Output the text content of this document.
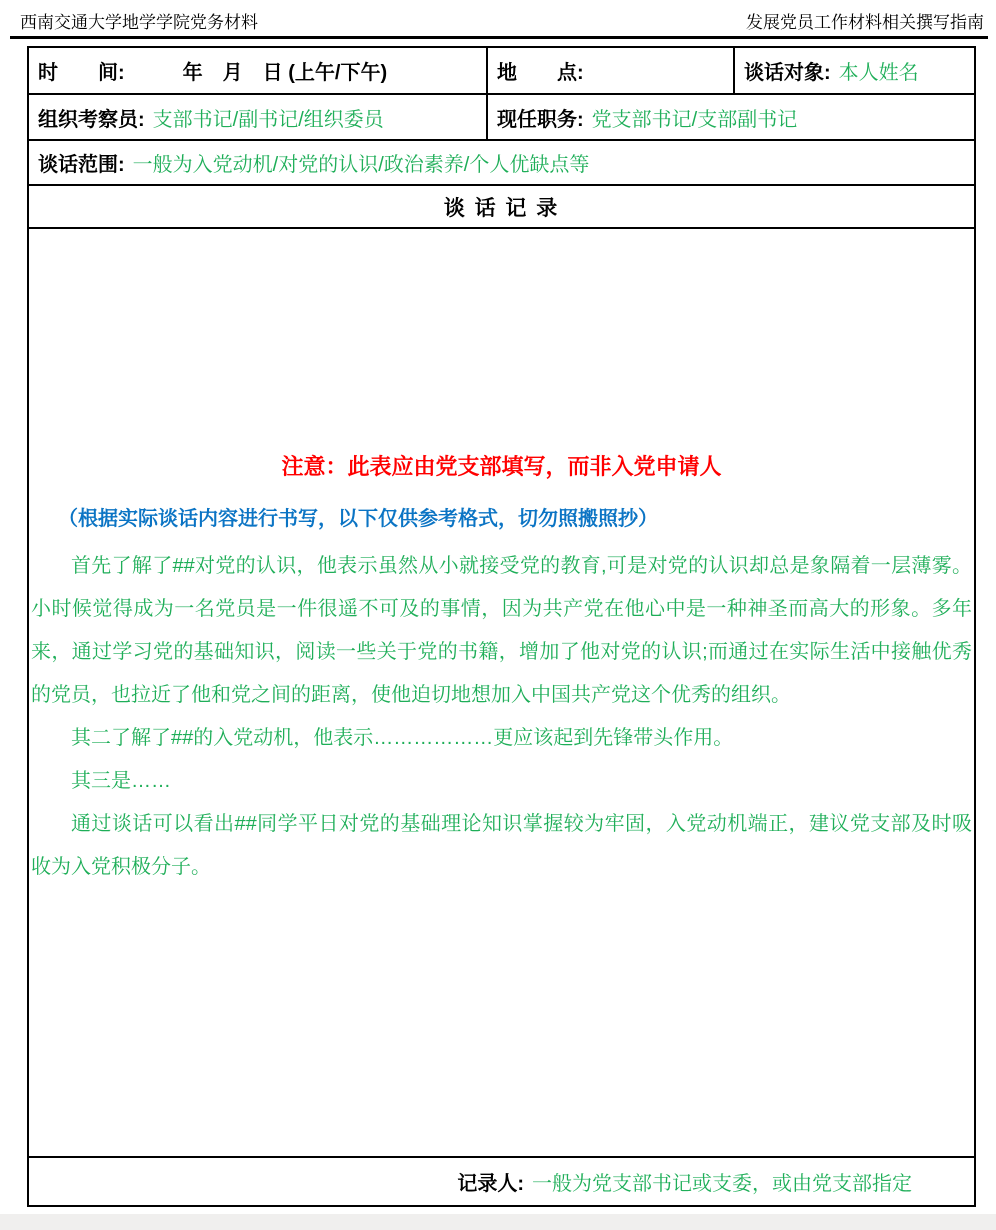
西南交通大学地学学院党务材料	发展党员工作材料相关撰写指南
时　　间:	年　月　日 (上午/下午)	地　　点:	谈话对象: 本人姓名
组织考察员: 支部书记/副书记/组织委员	现任职务: 党支部书记/支部副书记
谈话范围: 一般为入党动机/对党的认识/政治素养/个人优缺点等
谈 话 记 录
注意：此表应由党支部填写，而非入党申请人
（根据实际谈话内容进行书写，以下仅供参考格式，切勿照搬照抄）

首先了解了##对党的认识，他表示虽然从小就接受党的教育,可是对党的认识却总是象隔着一层薄雾。小时候觉得成为一名党员是一件很遥不可及的事情，因为共产党在他心中是一种神圣而高大的形象。多年来，通过学习党的基础知识，阅读一些关于党的书籍，增加了他对党的认识;而通过在实际生活中接触优秀的党员，也拉近了他和党之间的距离，使他迫切地想加入中国共产党这个优秀的组织。

其二了解了##的入党动机，他表示………………更应该起到先锋带头作用。

其三是……

通过谈话可以看出##同学平日对党的基础理论知识掌握较为牢固，入党动机端正，建议党支部及时吸收为入党积极分子。

记录人: 一般为党支部书记或支委，或由党支部指定
